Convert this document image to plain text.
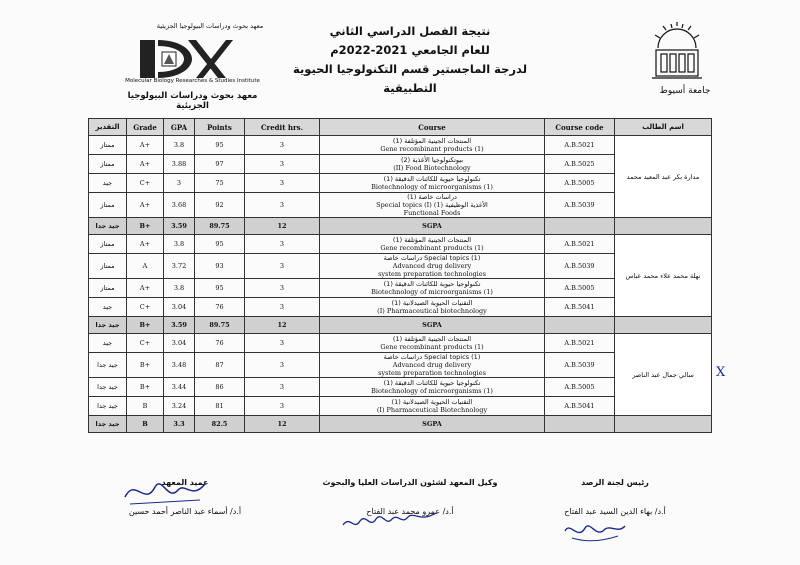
جامعة أسيوط
نتيجة الفصل الدراسي الثاني
للعام الجامعي 2021-2022م
لدرجة الماجستير قسم التكنولوجيا الحيوية التطبيقية
معهد بحوث ودراسات البيولوجيا الجزيئية
Molecular Biology Researches & Studies Institute
معهد بحوث ودراسات البيولوجيا الجزيئية
التقدير	Grade	GPA	Points	Credit hrs.	Course	Course code	اسم الطالب
ممتاز	A+	3.8	95	3	المنتجات الجينية المؤتلفة (1)
Gene recombinant products (1)	A.B.5021	مدارة بكر عبد المعيد محمد
ممتاز	A+	3.88	97	3	بيوتكنولوجيا الأغذية (2)
(II) Food Biotechnology	A.B.5025	
جيد	C+	3	75	3	تكنولوجيا حيوية للكائنات الدقيقة (1)
Biotechnology of microorganisms (1)	A.B.5005	
ممتاز	A+	3.68	92	3	دراسات خاصة (1)
Special topics (I) (1) الأغذية الوظيفية
Functional Foods	A.B.5039	
جيد جدا	B+	3.59	89.75	12	SGPA		
ممتاز	A+	3.8	95	3	المنتجات الجينية المؤتلفة (1)
Gene recombinant products (1)	A.B.5021	نهلة محمد علاء محمد عباس
ممتاز	A	3.72	93	3	Special topics (1) دراسات خاصة
Advanced drug delivery
system preparation technologies	A.B.5039	
ممتاز	A+	3.8	95	3	تكنولوجيا حيوية للكائنات الدقيقة (1)
Biotechnology of microorganisms (1)	A.B.5005	
جيد	C+	3.04	76	3	التقنيات الحيوية الصيدلانية (1)
(I) Pharmaceutical biotechnology	A.B.5041	
جيد جدا	B+	3.59	89.75	12	SGPA		
جيد	C+	3.04	76	3	المنتجات الجينية المؤتلفة (1)
Gene recombinant products (1)	A.B.5021	سالي جمال عبد الناصر
جيد جدا	B+	3.48	87	3	Special topics (1) دراسات خاصة
Advanced drug delivery
system preparation technologies	A.B.5039	
جيد جدا	B+	3.44	86	3	تكنولوجيا حيوية للكائنات الدقيقة (1)
Biotechnology of microorganisms (1)	A.B.5005	
جيد جدا	B	3.24	81	3	التقنيات الحيوية الصيدلانية (1)
(I) Pharmaceutical Biotechnology	A.B.5041	
جيد جدا	B	3.3	82.5	12	SGPA		
X
رئيس لجنة الرصد
أ.د/ بهاء الدين السيد عبد الفتاح
وكيل المعهد لشئون الدراسات العليا والبحوث
أ.د/ عمرو محمد عبد الفتاح
عميد المعهد
أ.د/ أسماء عبد الناصر أحمد حسين
